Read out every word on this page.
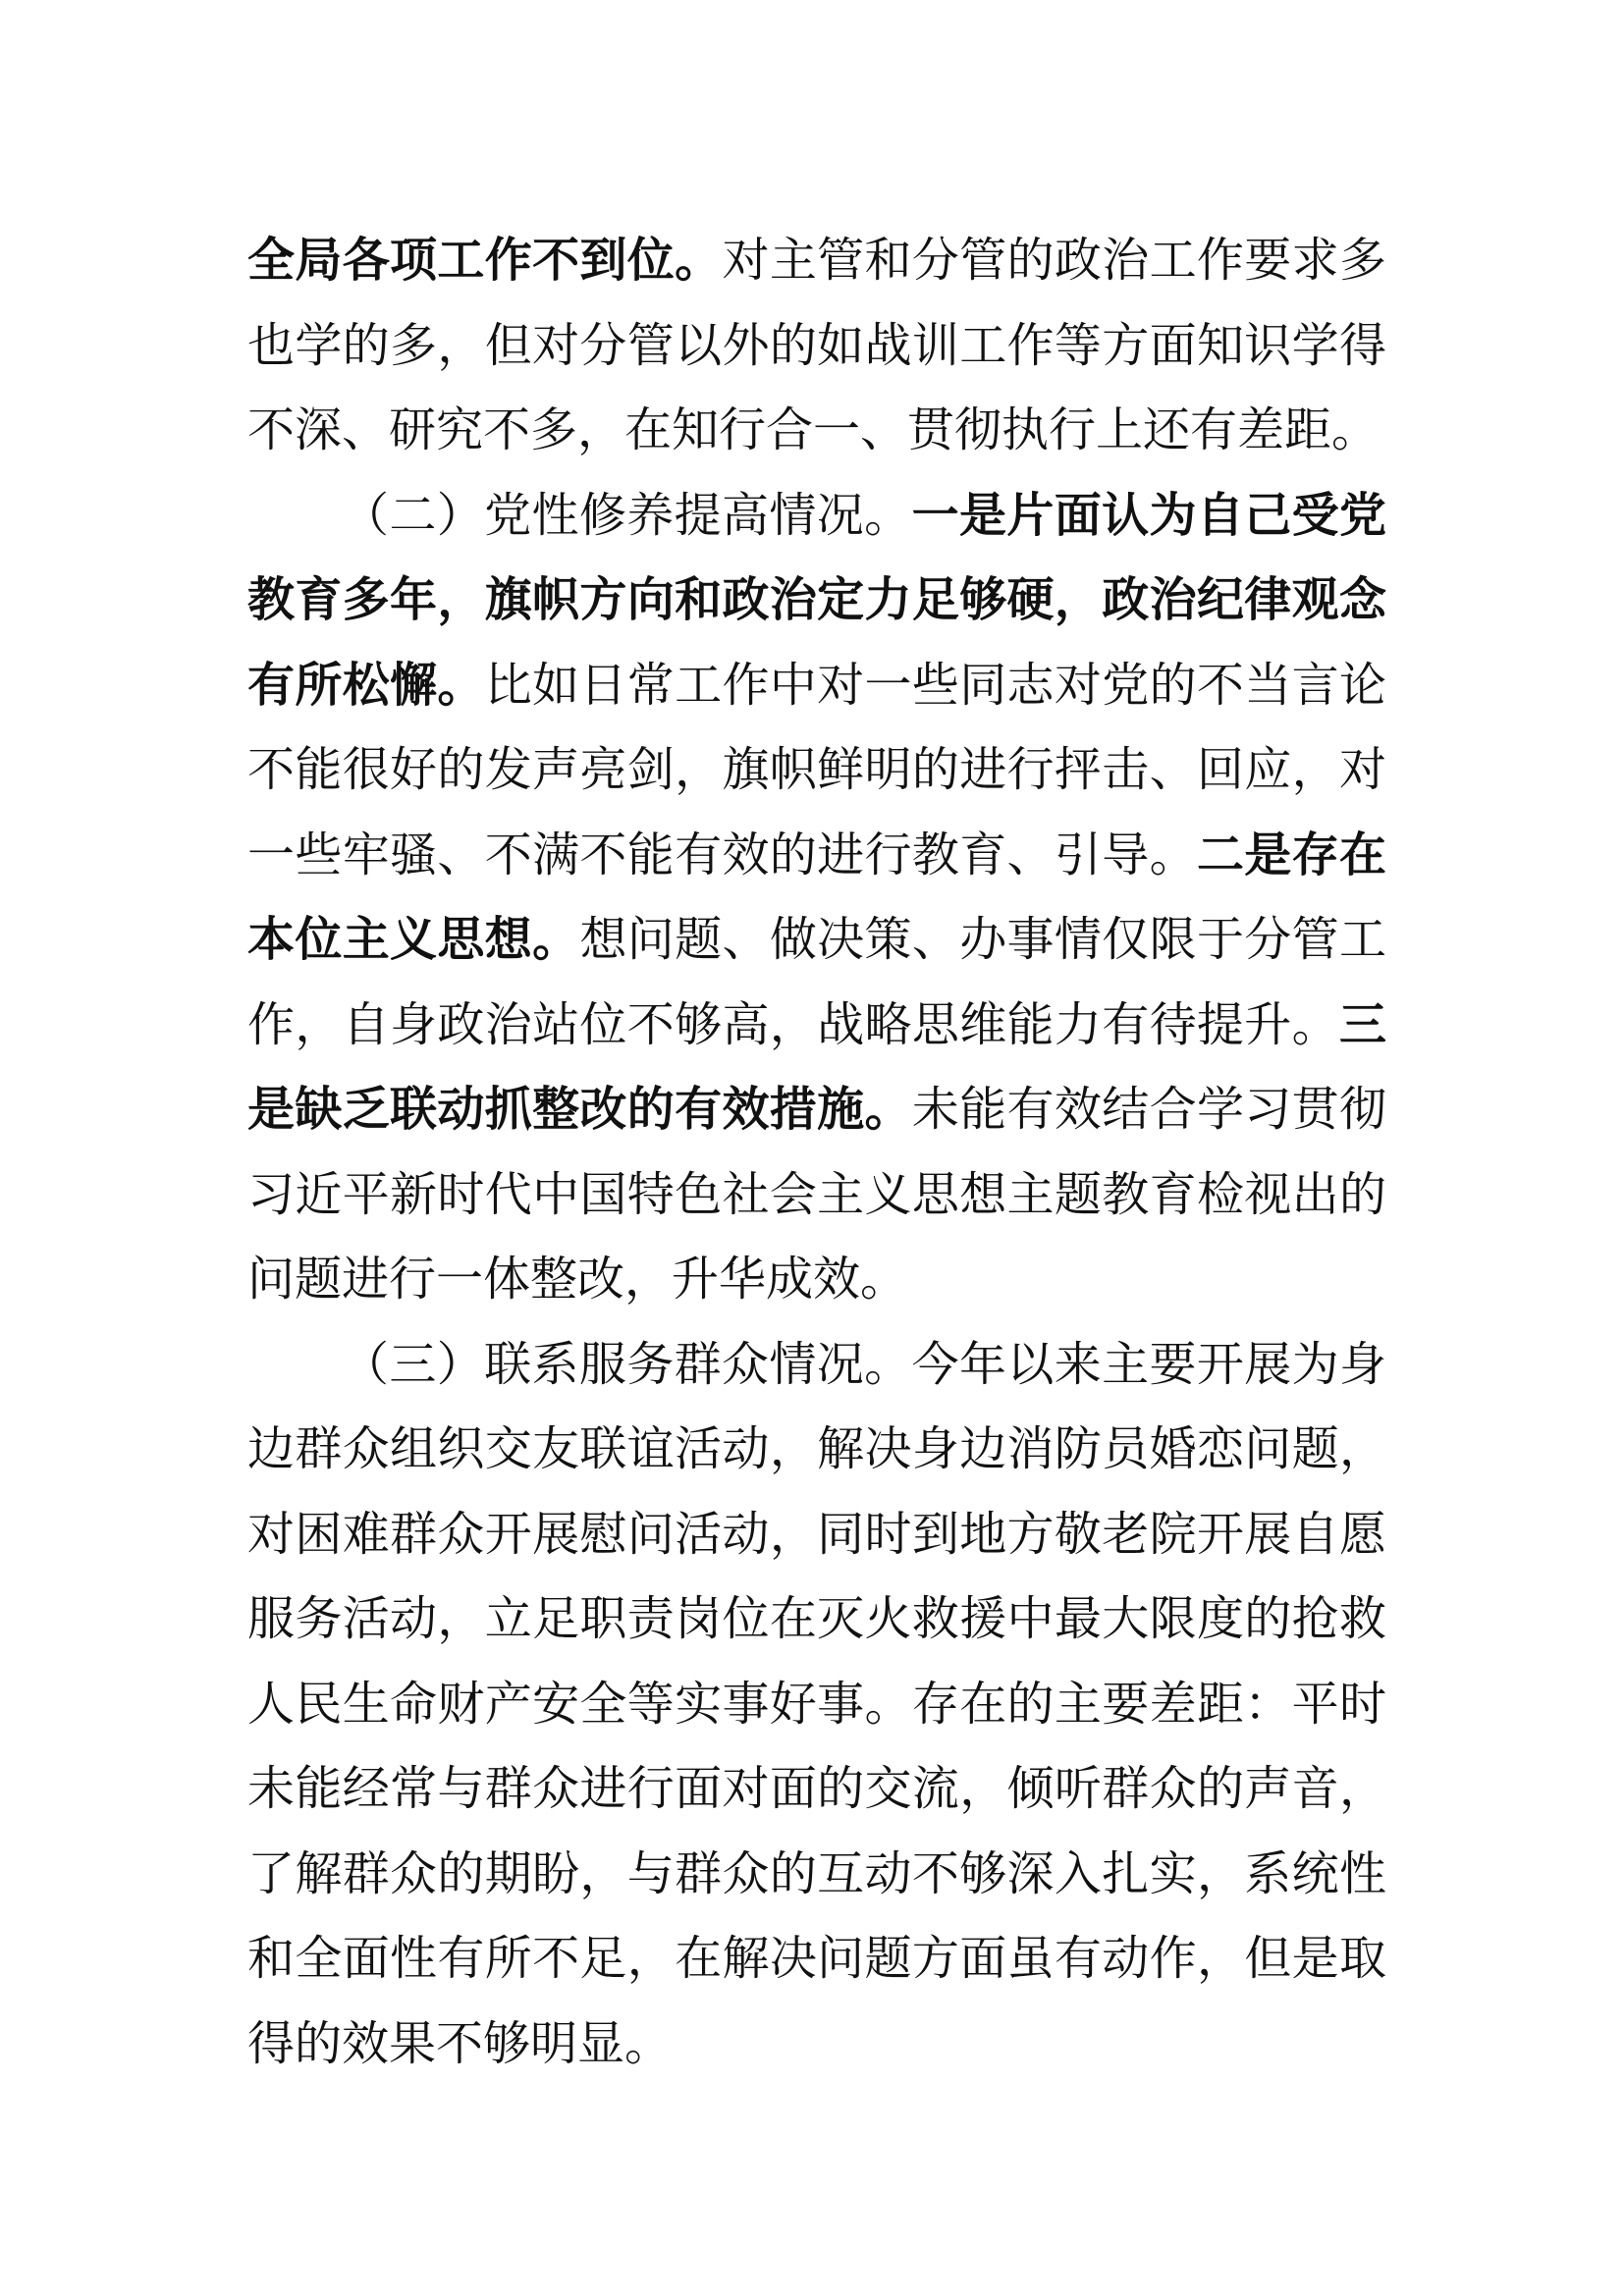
全局各项工作不到位。对主管和分管的政治工作要求多也学的多，但对分管以外的如战训工作等方面知识学得不深、研究不多，在知行合一、贯彻执行上还有差距。

（二）党性修养提高情况。一是片面认为自己受党教育多年，旗帜方向和政治定力足够硬，政治纪律观念有所松懈。比如日常工作中对一些同志对党的不当言论不能很好的发声亮剑，旗帜鲜明的进行抨击、回应，对一些牢骚、不满不能有效的进行教育、引导。二是存在本位主义思想。想问题、做决策、办事情仅限于分管工作，自身政治站位不够高，战略思维能力有待提升。三是缺乏联动抓整改的有效措施。未能有效结合学习贯彻习近平新时代中国特色社会主义思想主题教育检视出的问题进行一体整改，升华成效。

（三）联系服务群众情况。今年以来主要开展为身边群众组织交友联谊活动，解决身边消防员婚恋问题，对困难群众开展慰问活动，同时到地方敬老院开展自愿服务活动，立足职责岗位在灭火救援中最大限度的抢救人民生命财产安全等实事好事。存在的主要差距：平时未能经常与群众进行面对面的交流，倾听群众的声音，了解群众的期盼，与群众的互动不够深入扎实，系统性和全面性有所不足，在解决问题方面虽有动作，但是取得的效果不够明显。
